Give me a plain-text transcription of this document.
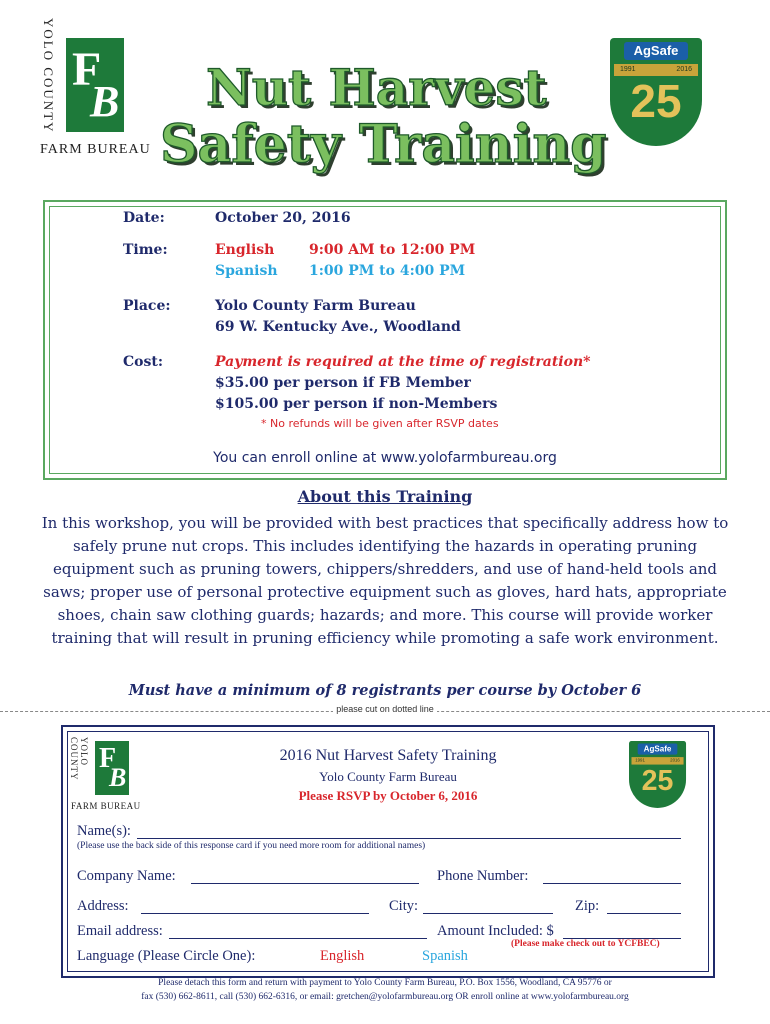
YOLO COUNTY F
B
FARM BUREAU
Nut Harvest
Safety Training
AgSafe
1991	2016
25
Date:	October 20, 2016
Time:	English 9:00 AM to 12:00 PM
Spanish 1:00 PM to 4:00 PM
Place:	Yolo County Farm Bureau
69 W. Kentucky Ave., Woodland
Cost:	Payment is required at the time of registration*
$35.00 per person if FB Member
$105.00 per person if non-Members
* No refunds will be given after RSVP dates
You can enroll online at www.yolofarmbureau.org
About this Training
In this workshop, you will be provided with best practices that specifically address how to safely prune nut crops. This includes identifying the hazards in operating pruning equipment such as pruning towers, chippers/shredders, and use of hand-held tools and saws; proper use of personal protective equipment such as gloves, hard hats, appropriate shoes, chain saw clothing guards; hazards; and more. This course will provide worker training that will result in pruning efficiency while promoting a safe work environment.
Must have a minimum of 8 registrants per course by October 6
please cut on dotted line
YOLO COUNTY F
B
FARM BUREAU
AgSafe
1991	2016
25
2016 Nut Harvest Safety Training
Yolo County Farm Bureau
Please RSVP by October 6, 2016
Name(s):
(Please use the back side of this response card if you need more room for additional names)
Company Name:	Phone Number:
Address:	City:	Zip:
Email address:	Amount Included: $
(Please make check out to YCFBEC)
Language (Please Circle One):	English	Spanish
Please detach this form and return with payment to Yolo County Farm Bureau, P.O. Box 1556, Woodland, CA 95776 or
fax (530) 662-8611, call (530) 662-6316, or email: gretchen@yolofarmbureau.org OR enroll online at www.yolofarmbureau.org
